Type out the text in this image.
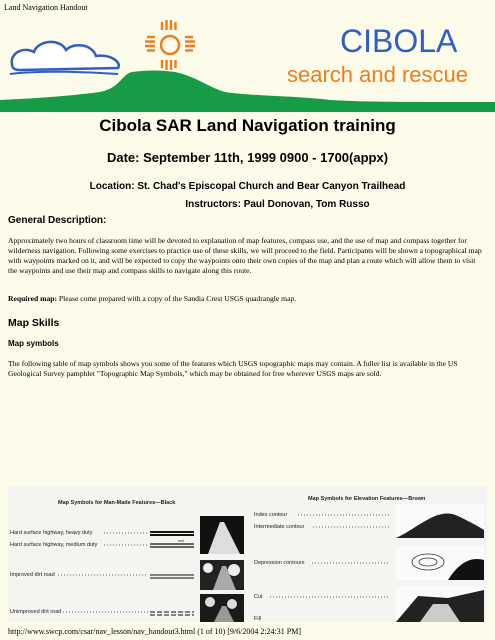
Land Navigation Handout
CIBOLA
search and rescue
Cibola SAR Land Navigation training
Date: September 11th, 1999 0900 - 1700(appx)
Location: St. Chad's Episcopal Church and Bear Canyon Trailhead
Instructors: Paul Donovan, Tom Russo
General Description:
Approximately two hours of classroom time will be devoted to explanation of map features, compass use, and the use of map and compass together for wilderness navigation. Following some exercises to practice use of these skills, we will proceed to the field. Participants will be shown a topographical map with waypoints marked on it, and will be expected to copy the waypoints onto their own copies of the map and plan a route which will allow them to visit the waypoints and use their map and compass skills to navigate along this route.
Required map: Please come prepared with a copy of the Sandia Crest USGS quadrangle map.
Map Skills
Map symbols
The following table of map symbols shows you some of the features which USGS topographic maps may contain. A fuller list is available in the US Geological Survey pamphlet "Topographic Map Symbols," which may be obtained for free wherever USGS maps are sold.
Map Symbols for Man-Made Features—Black
Map Symbols for Elevation Features—Brown
Hard surface highway, heavy duty
Hard surface highway, medium duty
Improved dirt road
Unimproved dirt road
Index contour
Intermediate contour
Depression contours
Cut
Fill
red
http://www.swcp.com/csar/nav_lesson/nav_handout3.html (1 of 10) [9/6/2004 2:24:31 PM]
